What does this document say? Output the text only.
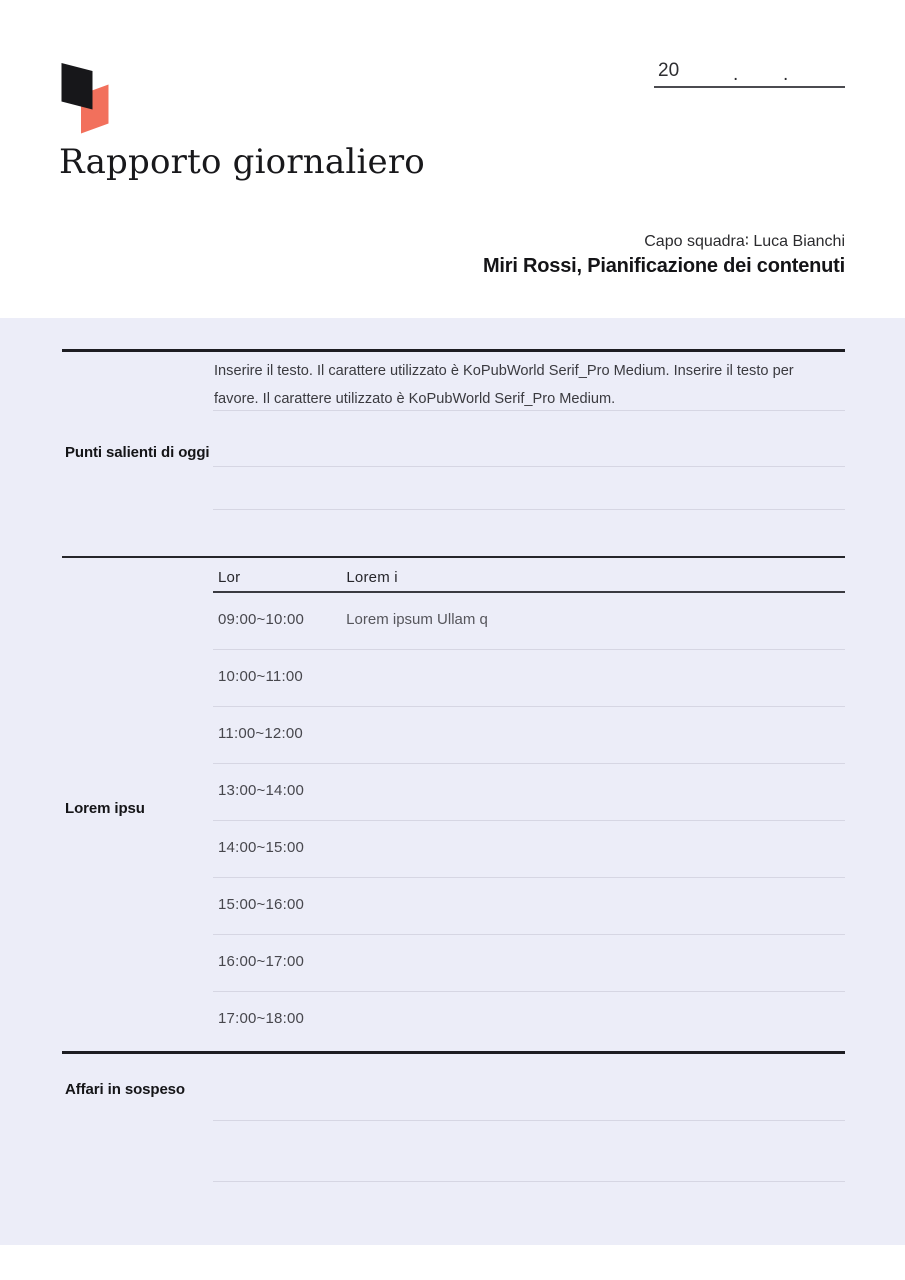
20	. .
Rapporto giornaliero
Capo squadra∶ Luca Bianchi
Miri Rossi, Pianificazione dei contenuti
Punti salienti di oggi

Inserire il testo. Il carattere utilizzato è KoPubWorld Serif_Pro Medium. Inserire il testo per favore. Il carattere utilizzato è KoPubWorld Serif_Pro Medium.

Lorem ipsu
Lor	Lorem i
09:00~10:00	Lorem ipsum Ullam q
10:00~11:00
11:00~12:00
13:00~14:00
14:00~15:00
15:00~16:00
16:00~17:00
17:00~18:00
Affari in sospeso
